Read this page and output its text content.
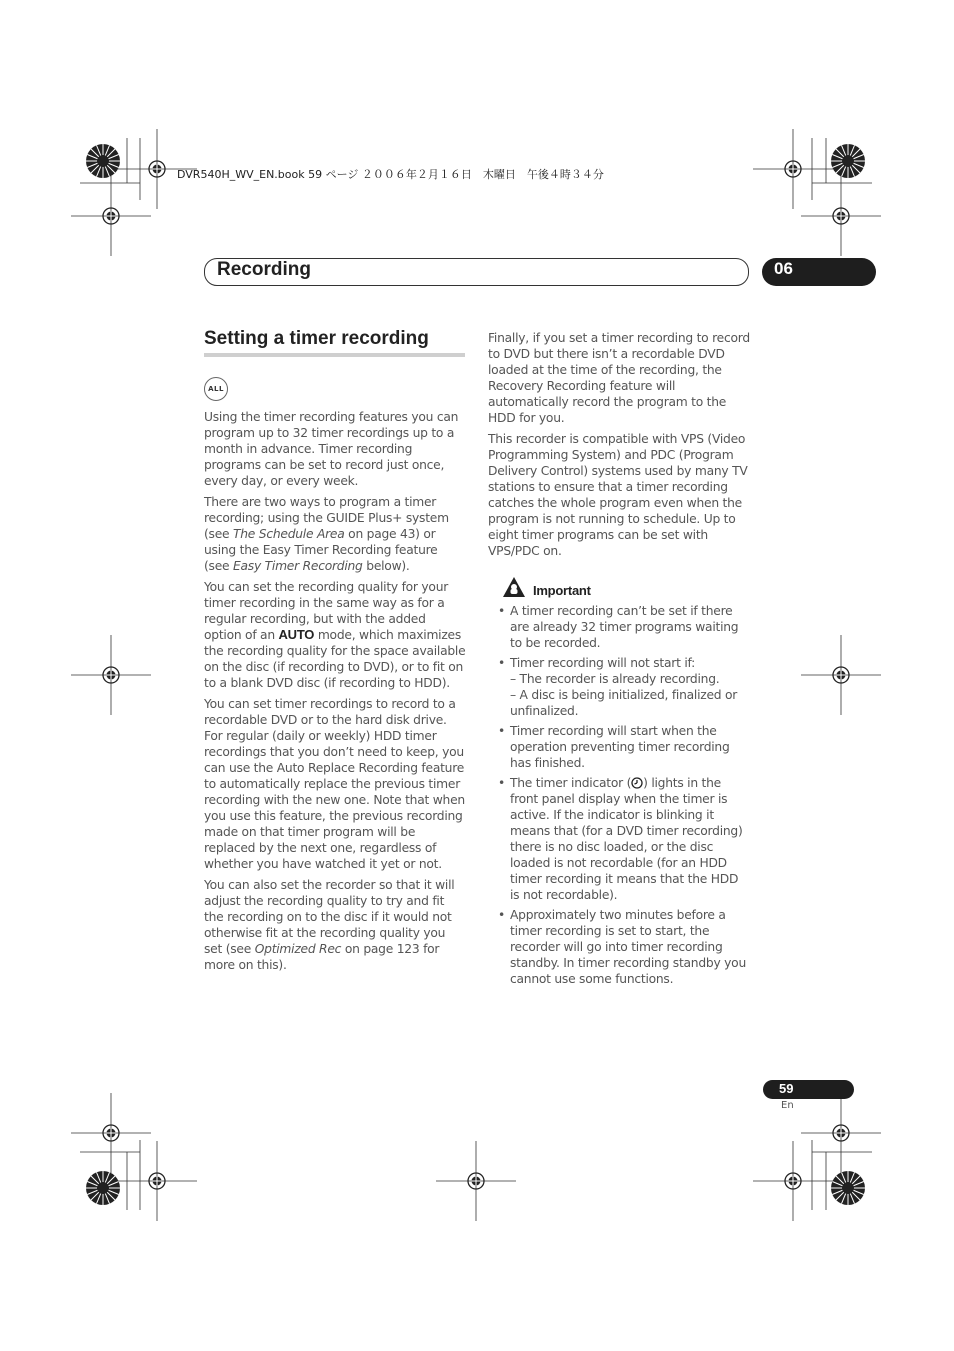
DVR540H_WV_EN.book 59 ページ ２００６年２月１６日　木曜日　午後４時３４分
Recording	06
Setting a timer recording
ALL

Using the timer recording features you can program up to 32 timer recordings up to a month in advance. Timer recording programs can be set to record just once, every day, or every week.

There are two ways to program a timer recording; using the GUIDE Plus+ system (see The Schedule Area on page 43) or using the Easy Timer Recording feature (see Easy Timer Recording below).

You can set the recording quality for your timer recording in the same way as for a regular recording, but with the added option of an AUTO mode, which maximizes the recording quality for the space available on the disc (if recording to DVD), or to fit on to a blank DVD disc (if recording to HDD).

You can set timer recordings to record to a recordable DVD or to the hard disk drive. For regular (daily or weekly) HDD timer recordings that you don’t need to keep, you can use the Auto Replace Recording feature to automatically replace the previous timer recording with the new one. Note that when you use this feature, the previous recording made on that timer program will be replaced by the next one, regardless of whether you have watched it yet or not.

You can also set the recorder so that it will adjust the recording quality to try and fit the recording on to the disc if it would not otherwise fit at the recording quality you set (see Optimized Rec on page 123 for more on this).

Finally, if you set a timer recording to record to DVD but there isn’t a recordable DVD loaded at the time of the recording, the Recovery Recording feature will automatically record the program to the HDD for you.

This recorder is compatible with VPS (Video Programming System) and PDC (Program Delivery Control) systems used by many TV stations to ensure that a timer recording catches the whole program even when the program is not running to schedule. Up to eight timer programs can be set with VPS/PDC on.

Important
• A timer recording can’t be set if there are already 32 timer programs waiting to be recorded.
• Timer recording will not start if:
– The recorder is already recording.
– A disc is being initialized, finalized or unfinalized.
• Timer recording will start when the operation preventing timer recording has finished.
• The timer indicator ( ) lights in the front panel display when the timer is active. If the indicator is blinking it means that (for a DVD timer recording) there is no disc loaded, or the disc loaded is not recordable (for an HDD timer recording it means that the HDD is not recordable).
• Approximately two minutes before a timer recording is set to start, the recorder will go into timer recording standby. In timer recording standby you cannot use some functions.
59
En
